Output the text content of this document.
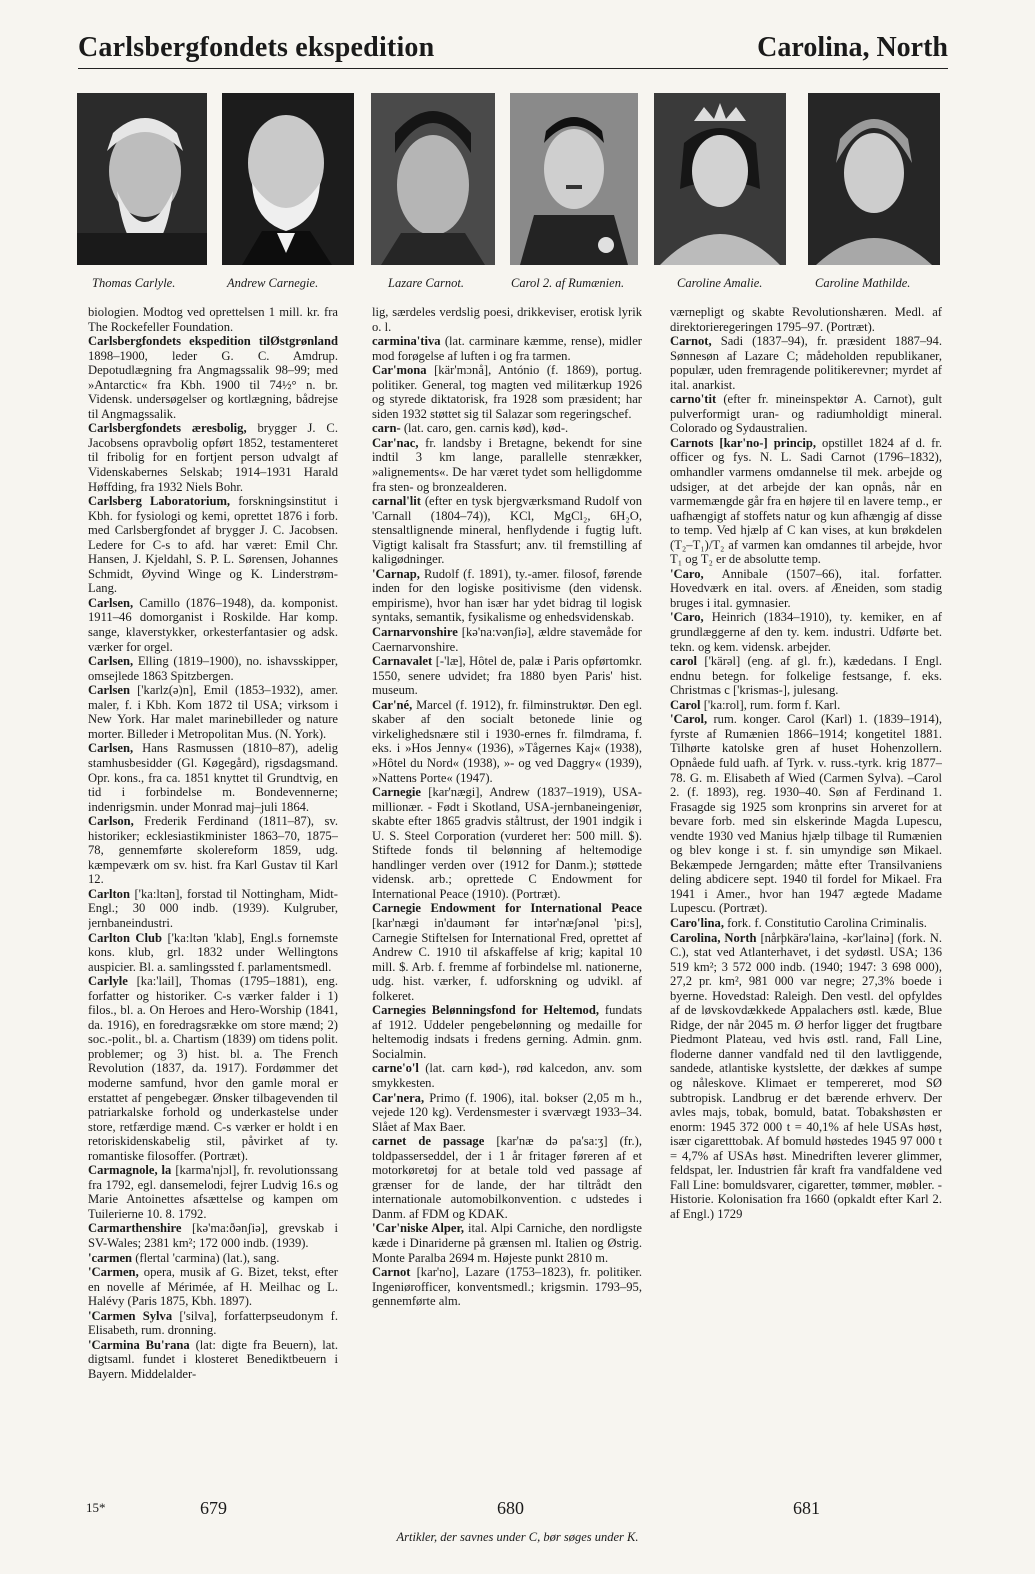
Carlsbergfondets ekspedition	Carolina, North
Thomas Carlyle.	Andrew Carnegie.	Lazare Carnot.	Carol 2. af Rumænien.	Caroline Amalie.	Caroline Mathilde.

biologien. Modtog ved oprettelsen 1 mill. kr. fra The Rockefeller Foundation.

Carlsbergfondets ekspedition tilØstgrønland 1898–1900, leder G. C. Amdrup. Depotudlægning fra Angmagssalik 98–99; med »Antarctic« fra Kbh. 1900 til 74½° n. br. Vidensk. undersøgelser og kortlægning, bådrejse til Angmagssalik.

Carlsbergfondets æresbolig, brygger J. C. Jacobsens opravbolig opført 1852, testamenteret til fribolig for en fortjent person udvalgt af Videnskabernes Selskab; 1914–1931 Harald Høffding, fra 1932 Niels Bohr.

Carlsberg Laboratorium, forskningsinstitut i Kbh. for fysiologi og kemi, oprettet 1876 i forb. med Carlsbergfondet af brygger J. C. Jacobsen. Ledere for C-s to afd. har været: Emil Chr. Hansen, J. Kjeldahl, S. P. L. Sørensen, Johannes Schmidt, Øyvind Winge og K. Linderstrøm-Lang.

Carlsen, Camillo (1876–1948), da. komponist. 1911–46 domorganist i Roskilde. Har komp. sange, klaverstykker, orkesterfantasier og adsk. værker for orgel.

Carlsen, Elling (1819–1900), no. ishavsskipper, omsejlede 1863 Spitzbergen.

Carlsen ['karlz(ə)n], Emil (1853–1932), amer. maler, f. i Kbh. Kom 1872 til USA; virksom i New York. Har malet marinebilleder og nature morter. Billeder i Metropolitan Mus. (N. York).

Carlsen, Hans Rasmussen (1810–87), adelig stamhusbesidder (Gl. Køgegård), rigsdagsmand. Opr. kons., fra ca. 1851 knyttet til Grundtvig, en tid i forbindelse m. Bondevennerne; indenrigsmin. under Monrad maj–juli 1864.

Carlson, Frederik Ferdinand (1811–87), sv. historiker; ecklesiastikminister 1863–70, 1875–78, gennemførte skolereform 1859, udg. kæmpeværk om sv. hist. fra Karl Gustav til Karl 12.

Carlton ['ka:ltən], forstad til Nottingham, Midt-Engl.; 30 000 indb. (1939). Kulgruber, jernbaneindustri.

Carlton Club ['ka:ltən 'klab], Engl.s fornemste kons. klub, grl. 1832 under Wellingtons auspicier. Bl. a. samlingssted f. parlamentsmedl.

Carlyle [ka:'lail], Thomas (1795–1881), eng. forfatter og historiker. C-s værker falder i 1) filos., bl. a. On Heroes and Hero-Worship (1841, da. 1916), en foredragsrække om store mænd; 2) soc.-polit., bl. a. Chartism (1839) om tidens polit. problemer; og 3) hist. bl. a. The French Revolution (1837, da. 1917). Fordømmer det moderne samfund, hvor den gamle moral er erstattet af pengebegær. Ønsker tilbagevenden til patriarkalske forhold og underkastelse under store, retfærdige mænd. C-s værker er holdt i en retoriskidenskabelig stil, påvirket af ty. romantiske filosoffer. (Portræt).

Carmagnole, la [karma'njɔl], fr. revolutionssang fra 1792, egl. dansemelodi, fejrer Ludvig 16.s og Marie Antoinettes afsættelse og kampen om Tuilerierne 10. 8. 1792.

Carmarthenshire [kə'ma:ðənʃiə], grevskab i SV-Wales; 2381 km²; 172 000 indb. (1939).

'carmen (flertal 'carmina) (lat.), sang.

'Carmen, opera, musik af G. Bizet, tekst, efter en novelle af Mérimée, af H. Meilhac og L. Halévy (Paris 1875, Kbh. 1897).

'Carmen Sylva ['silva], forfatterpseudonym f. Elisabeth, rum. dronning.

'Carmina Bu'rana (lat: digte fra Beuern), lat. digtsaml. fundet i klosteret Benediktbeuern i Bayern. Middelalder-

lig, særdeles verdslig poesi, drikkeviser, erotisk lyrik o. l.

carmina'tiva (lat. carminare kæmme, rense), midler mod forøgelse af luften i og fra tarmen.

Car'mona [kär'mɔnå], António (f. 1869), portug. politiker. General, tog magten ved militærkup 1926 og styrede diktatorisk, fra 1928 som præsident; har siden 1932 støttet sig til Salazar som regeringschef.

carn- (lat. caro, gen. carnis kød), kød-.

Car'nac, fr. landsby i Bretagne, bekendt for sine indtil 3 km lange, parallelle stenrækker, »alignements«. De har været tydet som helligdomme fra sten- og bronzealderen.

carnal'lit (efter en tysk bjergværksmand Rudolf von 'Carnall (1804–74)), KCl, MgCl₂, 6H₂O, stensaltlignende mineral, henflydende i fugtig luft. Vigtigt kalisalt fra Stassfurt; anv. til fremstilling af kaligødninger.

'Carnap, Rudolf (f. 1891), ty.-amer. filosof, førende inden for den logiske positivisme (den vidensk. empirisme), hvor han især har ydet bidrag til logisk syntaks, semantik, fysikalisme og enhedsvidenskab.

Carnarvonshire [kə'na:vənʃiə], ældre stavemåde for Caernarvonshire.

Carnavalet [-'læ], Hôtel de, palæ i Paris opførtomkr. 1550, senere udvidet; fra 1880 byen Paris' hist. museum.

Car'né, Marcel (f. 1912), fr. filminstruktør. Den egl. skaber af den socialt betonede linie og virkelighedsnære stil i 1930-ernes fr. filmdrama, f. eks. i »Hos Jenny« (1936), »Tågernes Kaj« (1938), »Hôtel du Nord« (1938), »- og ved Daggry« (1939), »Nattens Porte« (1947).

Carnegie [kar'nægi], Andrew (1837–1919), USA-millionær. - Født i Skotland, USA-jernbaneingeniør, skabte efter 1865 gradvis ståltrust, der 1901 indgik i U. S. Steel Corporation (vurderet her: 500 mill. $). Stiftede fonds til belønning af heltemodige handlinger verden over (1912 for Danm.); støttede vidensk. arb.; oprettede C Endowment for International Peace (1910). (Portræt).

Carnegie Endowment for International Peace [kar'nægi in'daumənt fər intər'næʃənəl 'pi:s], Carnegie Stiftelsen for International Fred, oprettet af Andrew C. 1910 til afskaffelse af krig; kapital 10 mill. $. Arb. f. fremme af forbindelse ml. nationerne, udg. hist. værker, f. udforskning og udvikl. af folkeret.

Carnegies Belønningsfond for Heltemod, fundats af 1912. Uddeler pengebelønning og medaille for heltemodig indsats i fredens gerning. Admin. gnm. Socialmin.

carne'o'l (lat. carn kød-), rød kalcedon, anv. som smykkesten.

Car'nera, Primo (f. 1906), ital. bokser (2,05 m h., vejede 120 kg). Verdensmester i sværvægt 1933–34. Slået af Max Baer.

carnet de passage [kar'næ də pa'sa:ʒ] (fr.), toldpasserseddel, der i 1 år fritager føreren af et motorkøretøj for at betale told ved passage af grænser for de lande, der har tiltrådt den internationale automobilkonvention. c udstedes i Danm. af FDM og KDAK.

'Car'niske Alper, ital. Alpi Carniche, den nordligste kæde i Dinariderne på grænsen ml. Italien og Østrig. Monte Paralba 2694 m. Højeste punkt 2810 m.

Carnot [kar'no], Lazare (1753–1823), fr. politiker. Ingeniørofficer, konventsmedl.; krigsmin. 1793–95, gennemførte alm.

værnepligt og skabte Revolutionshæren. Medl. af direktorieregeringen 1795–97. (Portræt).

Carnot, Sadi (1837–94), fr. præsident 1887–94. Sønnesøn af Lazare C; mådeholden republikaner, populær, uden fremragende politikerevner; myrdet af ital. anarkist.

carno'tit (efter fr. mineinspektør A. Carnot), gult pulverformigt uran- og radiumholdigt mineral. Colorado og Sydaustralien.

Carnots [kar'no-] princip, opstillet 1824 af d. fr. officer og fys. N. L. Sadi Carnot (1796–1832), omhandler varmens omdannelse til mek. arbejde og udsiger, at det arbejde der kan opnås, når en varmemængde går fra en højere til en lavere temp., er uafhængigt af stoffets natur og kun afhængig af disse to temp. Ved hjælp af C kan vises, at kun brøkdelen (T₂–T₁)/T₂ af varmen kan omdannes til arbejde, hvor T₁ og T₂ er de absolutte temp.

'Caro, Annibale (1507–66), ital. forfatter. Hovedværk en ital. overs. af Æneiden, som stadig bruges i ital. gymnasier.

'Caro, Heinrich (1834–1910), ty. kemiker, en af grundlæggerne af den ty. kem. industri. Udførte bet. tekn. og kem. vidensk. arbejder.

carol ['kärəl] (eng. af gl. fr.), kædedans. I Engl. endnu betegn. for folkelige festsange, f. eks. Christmas c ['krismas-], julesang.

Carol ['ka:rol], rum. form f. Karl.

'Carol, rum. konger. Carol (Karl) 1. (1839–1914), fyrste af Rumænien 1866–1914; kongetitel 1881. Tilhørte katolske gren af huset Hohenzollern. Opnåede fuld uafh. af Tyrk. v. russ.-tyrk. krig 1877–78. G. m. Elisabeth af Wied (Carmen Sylva). –Carol 2. (f. 1893), reg. 1930–40. Søn af Ferdinand 1. Frasagde sig 1925 som kronprins sin arveret for at bevare forb. med sin elskerinde Magda Lupescu, vendte 1930 ved Manius hjælp tilbage til Rumænien og blev konge i st. f. sin umyndige søn Mikael. Bekæmpede Jerngarden; måtte efter Transilvaniens deling abdicere sept. 1940 til fordel for Mikael. Fra 1941 i Amer., hvor han 1947 ægtede Madame Lupescu. (Portræt).

Caro'lina, fork. f. Constitutio Carolina Criminalis.

Carolina, North [nårþkärə'lainə, -kər'lainə] (fork. N. C.), stat ved Atlanterhavet, i det sydøstl. USA; 136 519 km²; 3 572 000 indb. (1940; 1947: 3 698 000), 27,2 pr. km², 981 000 var negre; 27,3% boede i byerne. Hovedstad: Raleigh. Den vestl. del opfyldes af de løvskovdækkede Appalachers østl. kæde, Blue Ridge, der når 2045 m. Ø herfor ligger det frugtbare Piedmont Plateau, ved hvis østl. rand, Fall Line, floderne danner vandfald ned til den lavtliggende, sandede, atlantiske kystslette, der dækkes af sumpe og nåleskove. Klimaet er tempereret, mod SØ subtropisk. Landbrug er det bærende erhverv. Der avles majs, tobak, bomuld, batat. Tobakshøsten er enorm: 1945 372 000 t = 40,1% af hele USAs høst, især cigaretttobak. Af bomuld høstedes 1945 97 000 t = 4,7% af USAs høst. Minedriften leverer glimmer, feldspat, ler. Industrien får kraft fra vandfaldene ved Fall Line: bomuldsvarer, cigaretter, tømmer, møbler. - Historie. Kolonisation fra 1660 (opkaldt efter Karl 2. af Engl.) 1729

15*	679	680	681
Artikler, der savnes under C, bør søges under K.
